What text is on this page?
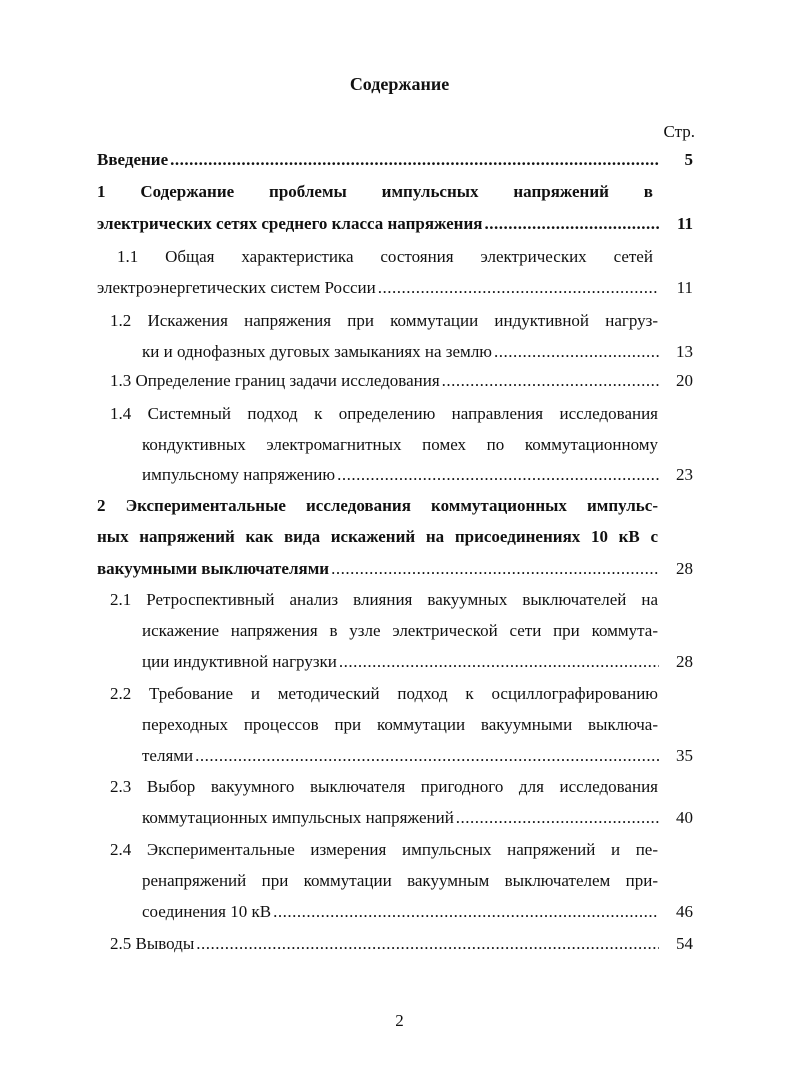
Содержание
Стр.
Введение .....	5
1 Содержание проблемы импульсных напряжений в
электрических сетях среднего класса напряжения .....	11
1.1 Общая характеристика состояния электрических сетей
электроэнергетических систем России .....	11
1.2 Искажения напряжения при коммутации индуктивной нагруз-
ки и однофазных дуговых замыканиях на землю .....	13
1.3 Определение границ задачи исследования .....	20
1.4 Системный подход к определению направления исследования
кондуктивных электромагнитных помех по коммутационному
импульсному напряжению .....	23
2 Экспериментальные исследования коммутационных импульс-
ных напряжений как вида искажений на присоединениях 10 кВ с
вакуумными выключателями .....	28
2.1 Ретроспективный анализ влияния вакуумных выключателей на
искажение напряжения в узле электрической сети при коммута-
ции индуктивной нагрузки .....	28
2.2 Требование и методический подход к осциллографированию
переходных процессов при коммутации вакуумными выключа-
телями .....	35
2.3 Выбор вакуумного выключателя пригодного для исследования
коммутационных импульсных напряжений .....	40
2.4 Экспериментальные измерения импульсных напряжений и пе-
ренапряжений при коммутации вакуумным выключателем при-
соединения 10 кВ .....	46
2.5 Выводы .....	54
2
